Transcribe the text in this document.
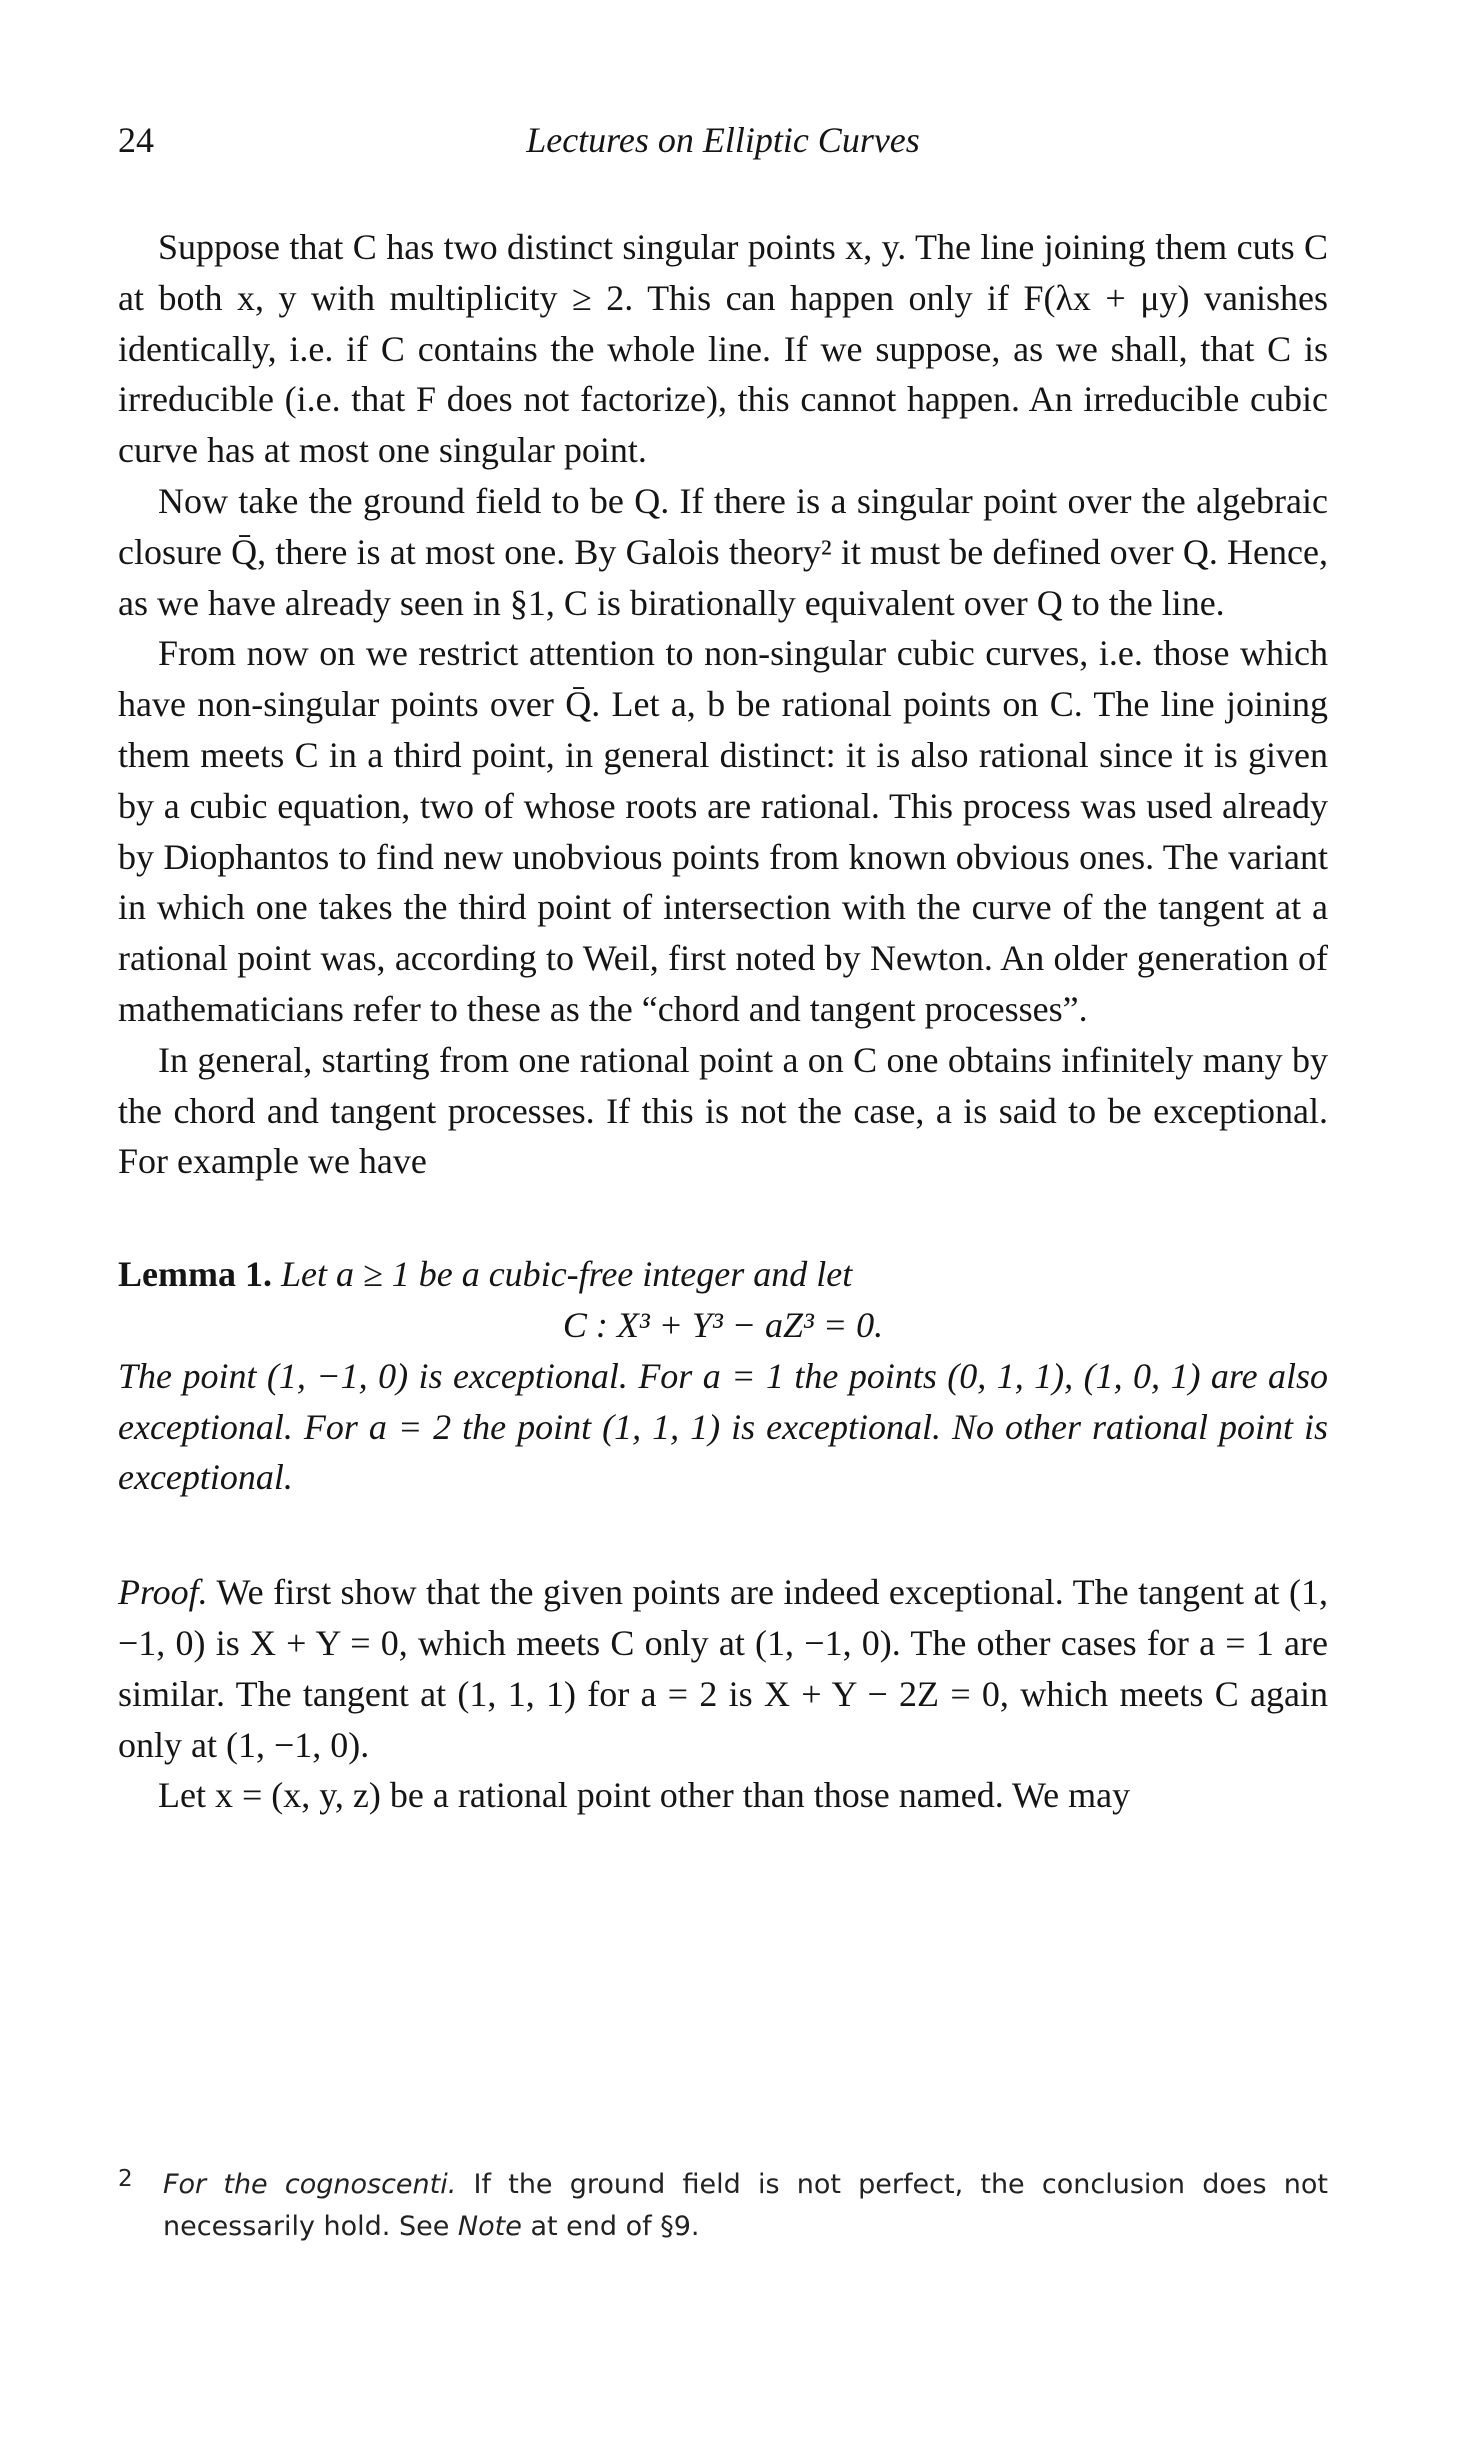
24	Lectures on Elliptic Curves

Suppose that C has two distinct singular points x, y. The line joining them cuts C at both x, y with multiplicity ≥ 2. This can happen only if F(λx + μy) vanishes identically, i.e. if C contains the whole line. If we suppose, as we shall, that C is irreducible (i.e. that F does not factorize), this cannot happen. An irreducible cubic curve has at most one singular point.

Now take the ground field to be Q. If there is a singular point over the algebraic closure Q̄, there is at most one. By Galois theory² it must be defined over Q. Hence, as we have already seen in §1, C is birationally equivalent over Q to the line.

From now on we restrict attention to non-singular cubic curves, i.e. those which have non-singular points over Q̄. Let a, b be rational points on C. The line joining them meets C in a third point, in general distinct: it is also rational since it is given by a cubic equation, two of whose roots are rational. This process was used already by Diophantos to find new unobvious points from known obvious ones. The variant in which one takes the third point of intersection with the curve of the tangent at a rational point was, according to Weil, first noted by Newton. An older generation of mathematicians refer to these as the “chord and tangent processes”.

In general, starting from one rational point a on C one obtains infinitely many by the chord and tangent processes. If this is not the case, a is said to be exceptional. For example we have

Lemma 1. Let a ≥ 1 be a cubic-free integer and let

C : X³ + Y³ − aZ³ = 0.

The point (1, −1, 0) is exceptional. For a = 1 the points (0, 1, 1), (1, 0, 1) are also exceptional. For a = 2 the point (1, 1, 1) is exceptional. No other rational point is exceptional.

Proof. We first show that the given points are indeed exceptional. The tangent at (1, −1, 0) is X + Y = 0, which meets C only at (1, −1, 0). The other cases for a = 1 are similar. The tangent at (1, 1, 1) for a = 2 is X + Y − 2Z = 0, which meets C again only at (1, −1, 0).

Let x = (x, y, z) be a rational point other than those named. We may

2 For the cognoscenti. If the ground field is not perfect, the conclusion does not necessarily hold. See Note at end of §9.
